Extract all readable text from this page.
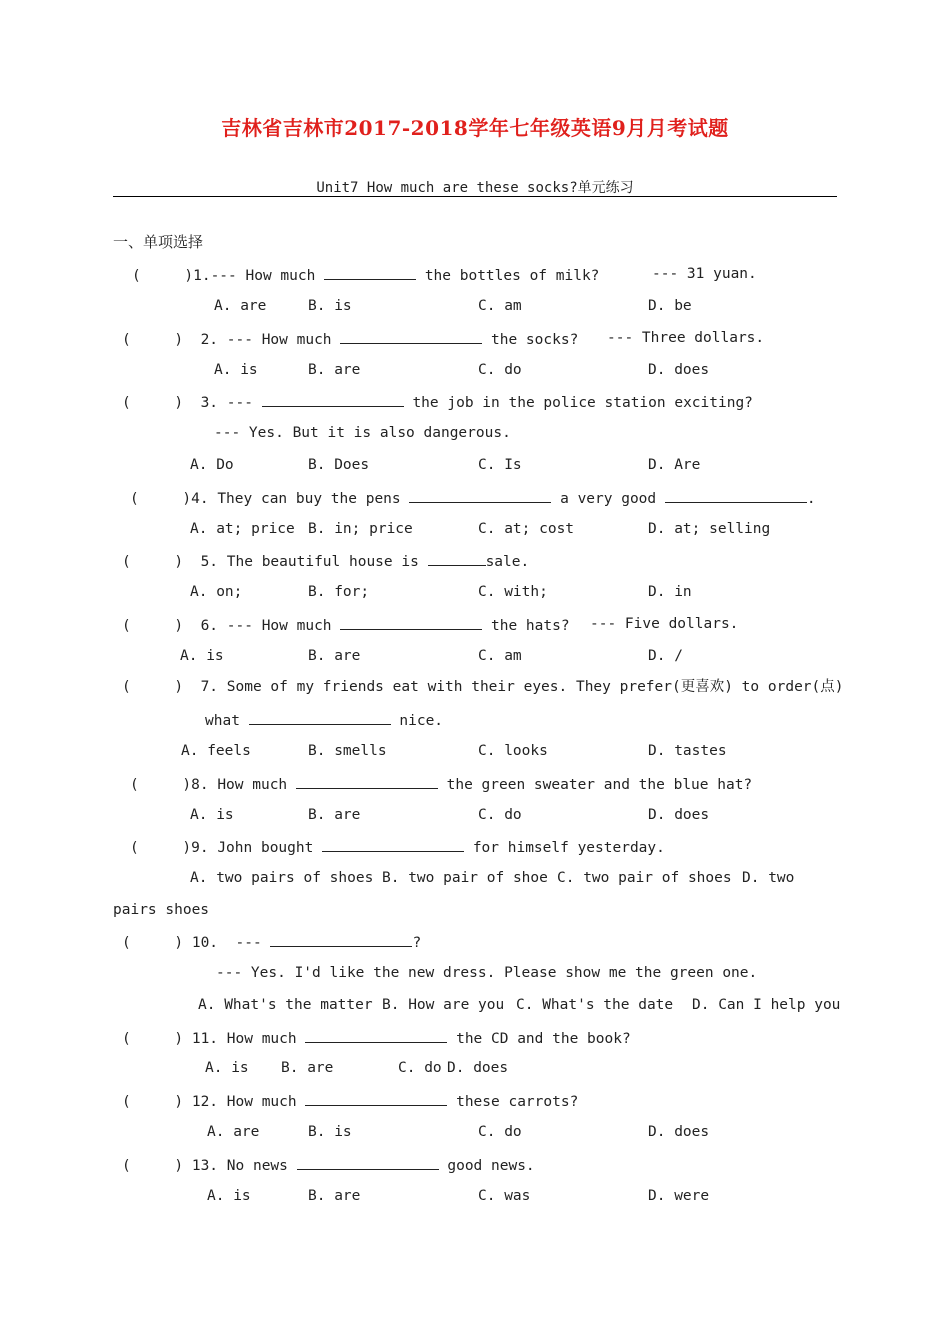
吉林省吉林市2017-2018学年七年级英语9月月考试题
Unit7 How much are these socks?单元练习
一、单项选择
(     )1.--- How much	the bottles of milk?	--- 31 yuan.
A. are	B. is	C. am	D. be
(     ) 2. --- How much	the socks? --- Three dollars.
A. is	B. are	C. do	D. does
(     ) 3. ---	the job in the police station exciting?
--- Yes. But it is also dangerous.
A. Do	B. Does	C. Is	D. Are
(     )4. They can buy the pens	a very good	.
A. at; price B. in; price	C. at; cost	D. at; selling
(     ) 5. The beautiful house is	sale.
A. on;	B. for;	C. with;	D. in
(     ) 6. --- How much	the hats? --- Five dollars.
A. is	B. are	C. am	D. /
(     ) 7. Some of my friends eat with their eyes. They prefer(更喜欢) to order(点)
what	nice.
A. feels	B. smells	C. looks	D. tastes
(     )8. How much	the green sweater and the blue hat?
A. is	B. are	C. do	D. does
(     )9. John bought	for himself yesterday.
A. two pairs of shoes B. two pair of shoe C. two pair of shoes D. two
pairs shoes
(     ) 10. ---	?
--- Yes. I'd like the new dress. Please show me the green one.
A. What's the matter B. How are you C. What's the date D. Can I help you
(     ) 11. How much	the CD and the book?
A. is B. are	C. do D. does
(     ) 12. How much	these carrots?
A. are	B. is	C. do	D. does
(     ) 13. No news	good news.
A. is	B. are	C. was	D. were
